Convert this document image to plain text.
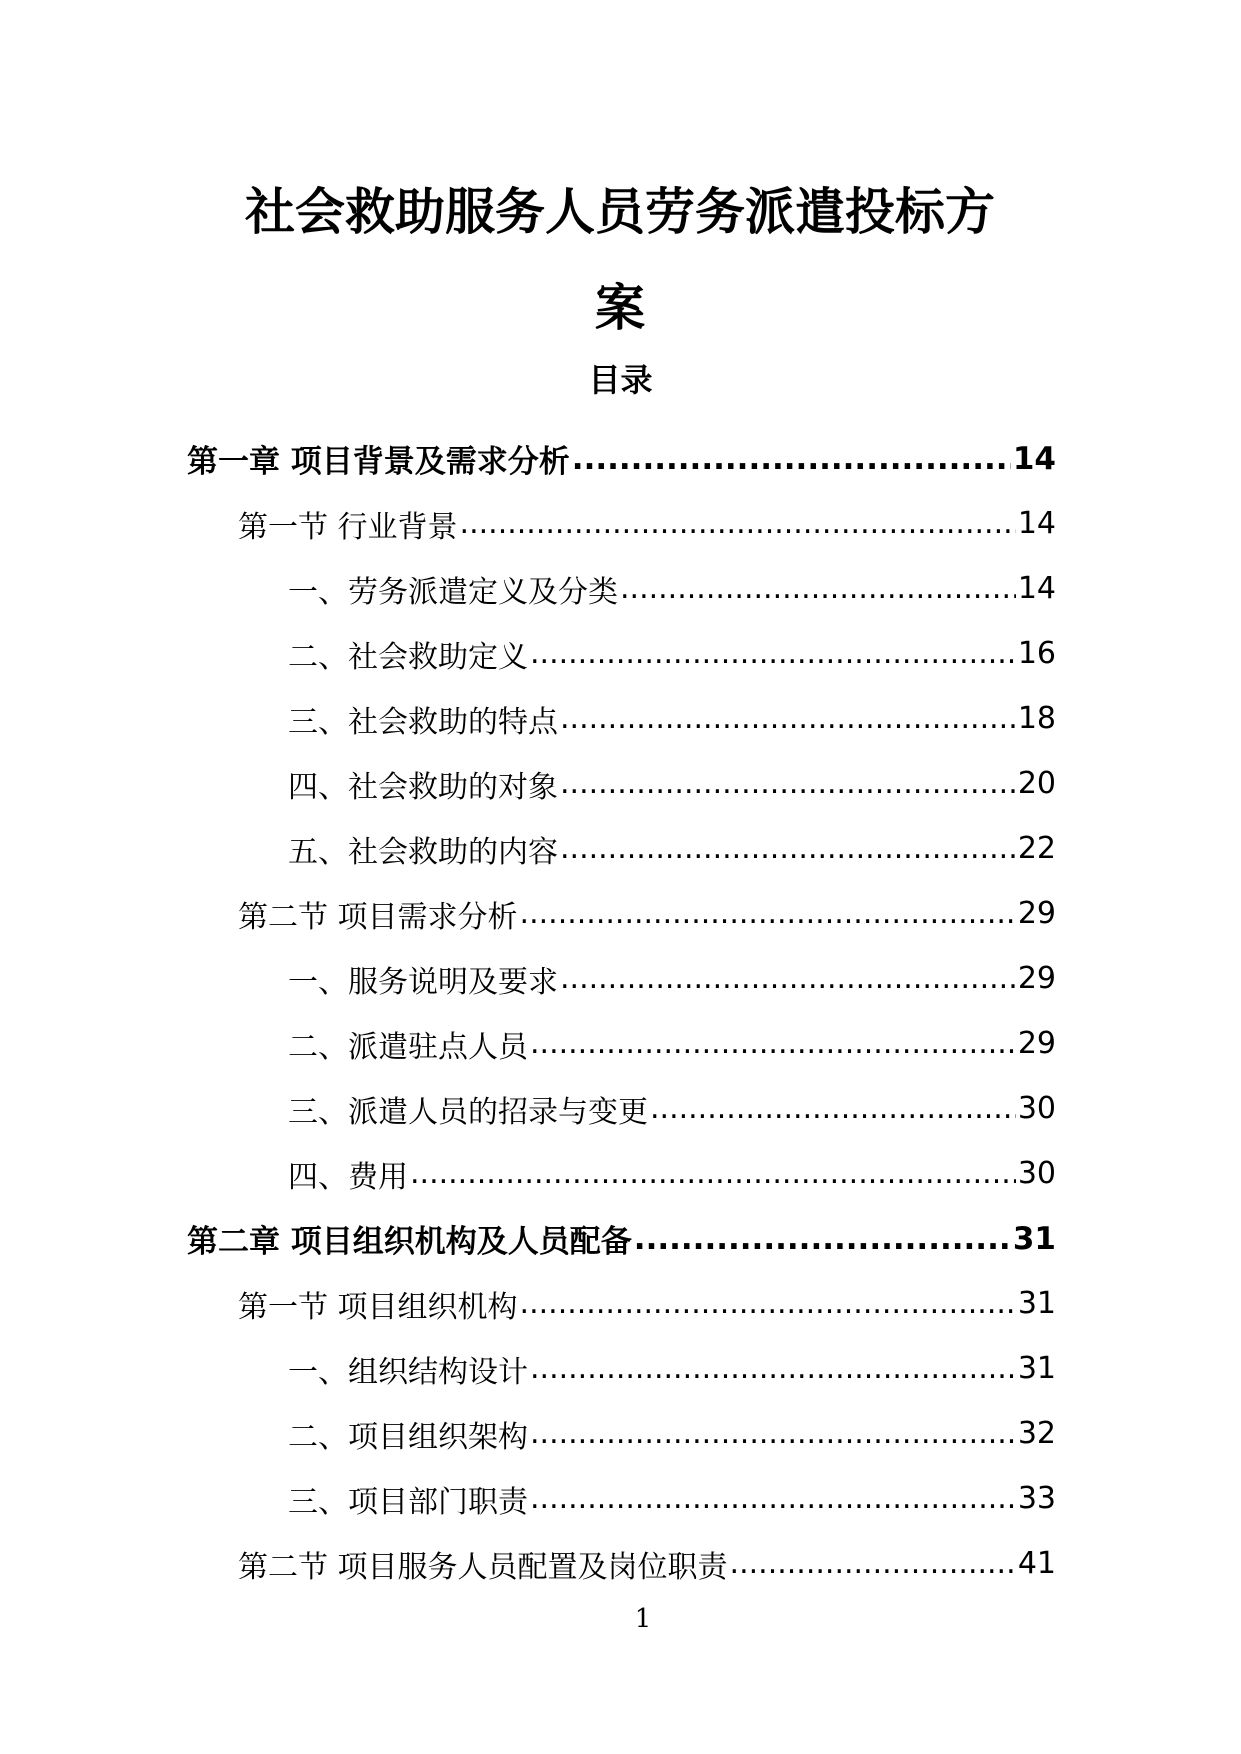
社会救助服务人员劳务派遣投标方
案
目录
第一章 项目背景及需求分析 .....	14
第一节 行业背景 .....	14
一、劳务派遣定义及分类 .....	14
二、社会救助定义 .....	16
三、社会救助的特点 .....	18
四、社会救助的对象 .....	20
五、社会救助的内容 .....	22
第二节 项目需求分析 .....	29
一、服务说明及要求 .....	29
二、派遣驻点人员 .....	29
三、派遣人员的招录与变更 .....	30
四、费用 .....	30
第二章 项目组织机构及人员配备 .....	31
第一节 项目组织机构 .....	31
一、组织结构设计 .....	31
二、项目组织架构 .....	32
三、项目部门职责 .....	33
第二节 项目服务人员配置及岗位职责 .....	41
1
